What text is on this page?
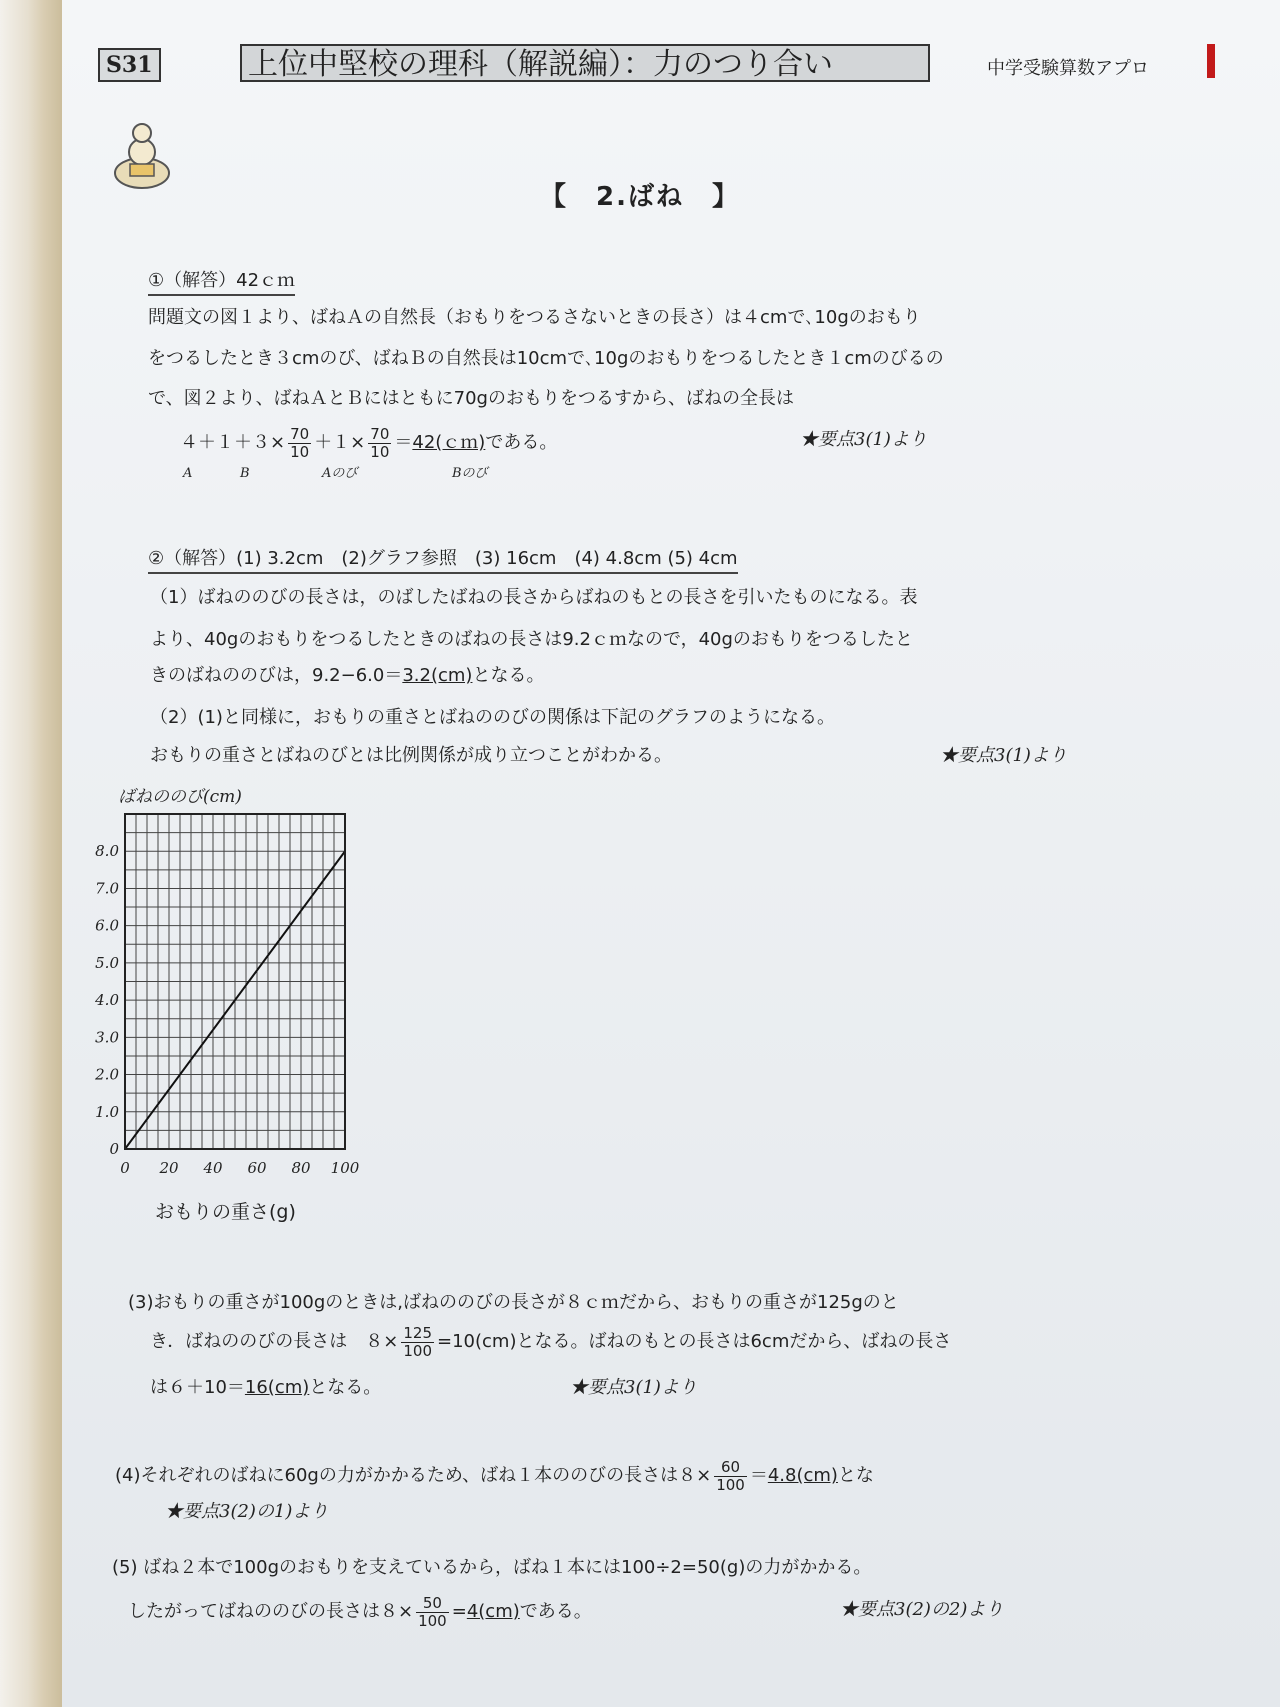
S31	上位中堅校の理科（解説編）：力のつり合い	中学受験算数アプロ
【　2.ばね　】
①（解答）42ｃｍ
問題文の図１より、ばねＡの自然長（おもりをつるさないときの長さ）は４cmで､10gのおもり
をつるしたとき３cmのび、ばねＢの自然長は10cmで､10gのおもりをつるしたとき１cmのびるの
で、図２より、ばねＡとＢにはともに70gのおもりをつるすから、ばねの全長は
$4+1+3\times \frac{70}{10} +1\times \frac{70}{10}$ ＝42(ｃｍ)である。	★要点3(1)より
A	B	Aのび	Bのび
②（解答）(1) 3.2cm　(2)グラフ参照　(3) 16cm　(4) 4.8cm (5) 4cm
（1）ばねののびの長さは，のばしたばねの長さからばねのもとの長さを引いたものになる。表
より、40gのおもりをつるしたときのばねの長さは9.2ｃｍなので，40gのおもりをつるしたと
きのばねののびは，9.2−6.0＝3.2(cm)となる。
（2）(1)と同様に，おもりの重さとばねののびの関係は下記のグラフのようになる。
おもりの重さとばねのびとは比例関係が成り立つことがわかる。	★要点3(1)より
ばねののび(cm)
0
1.0
2.0
3.0
4.0
5.0
6.0
7.0
8.0
0 20 40 60 80 100
おもりの重さ(g)
(3)おもりの重さが100gのときは,ばねののびの長さが８ｃｍだから、おもりの重さが125gのと
き．ばねののびの長さは　$8\times \frac{125}{100} =10(cm)$となる。ばねのもとの長さは6cmだから、ばねの長さ
は６＋10＝16(cm)となる。	★要点3(1)より
(4)それぞれのばねに60gの力がかかるため、ばね１本ののびの長さは$8\times \frac{60}{100} =4.8(cm)$とな
★要点3(2)の1)より
(5) ばね２本で100gのおもりを支えているから，ばね１本には100÷2=50(g)の力がかかる。
したがってばねののびの長さは$8\times \frac{50}{100} =4(cm)$である。	★要点3(2)の2)より
